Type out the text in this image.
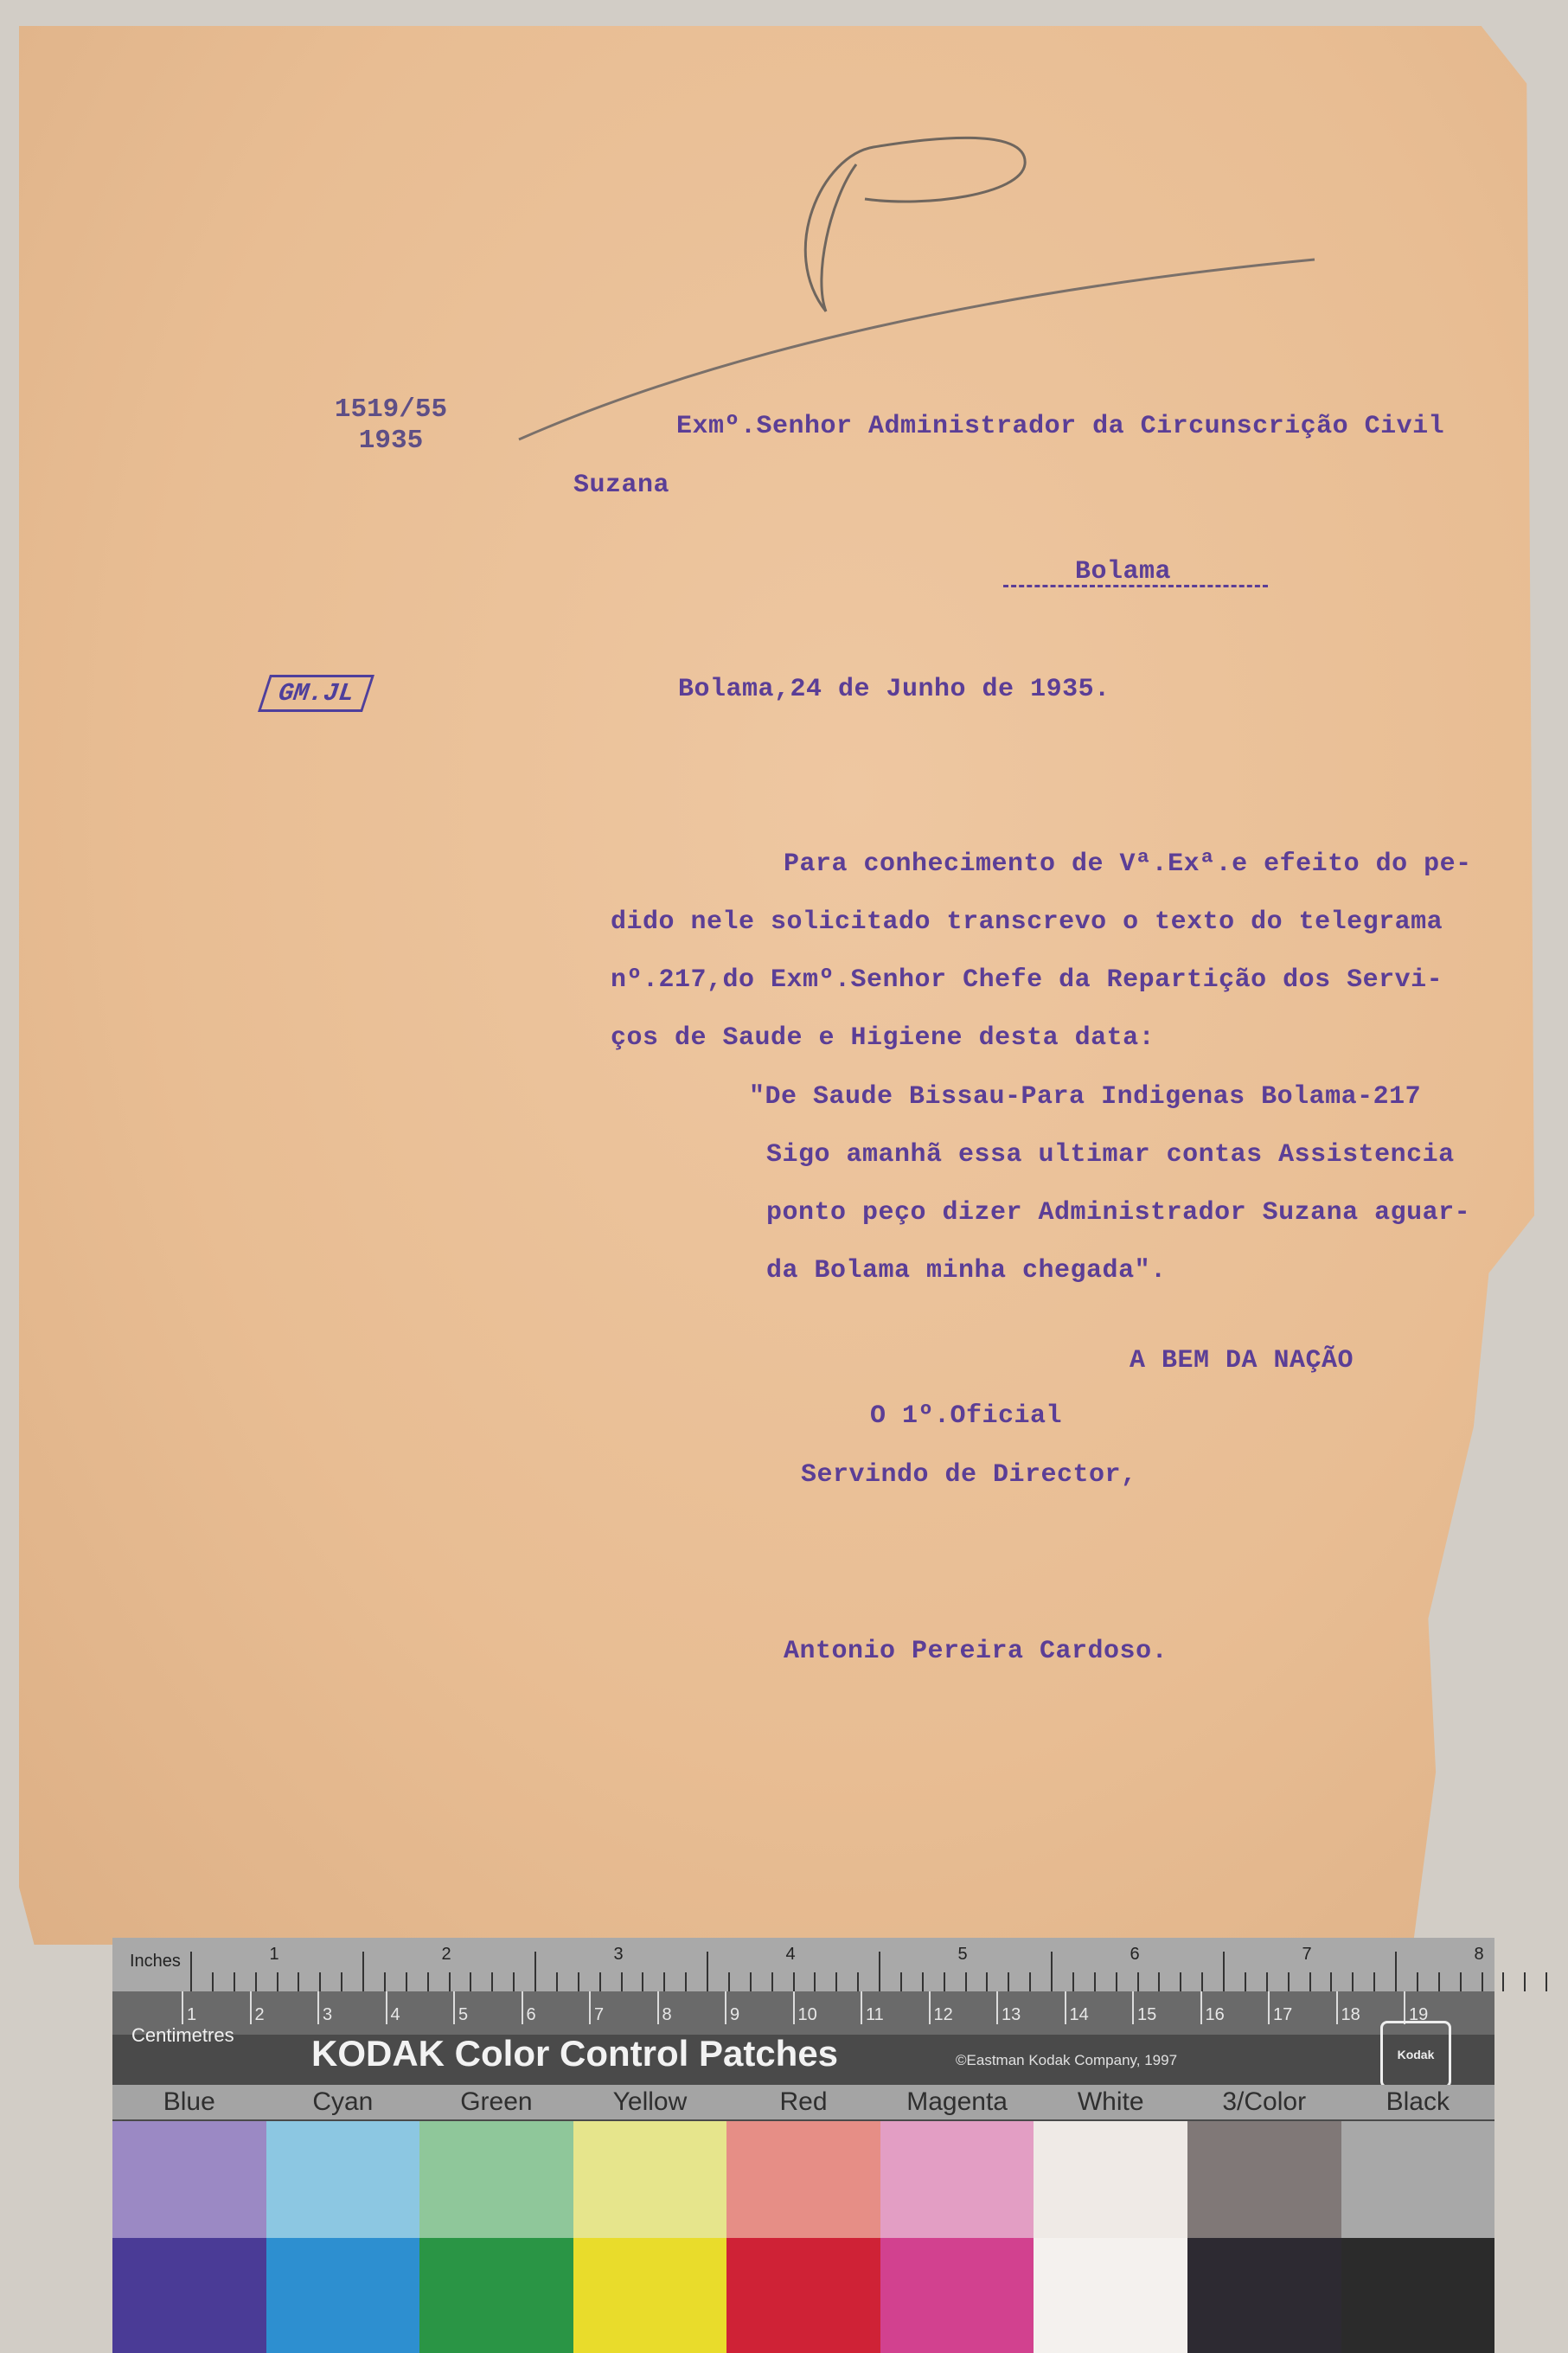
1519/55
1935	Exmº.Senhor Administrador da Circunscrição Civil
Suzana
Bolama
GM.JL	Bolama,24 de Junho de 1935.
Para conhecimento de Vª.Exª.e efeito do pe-
dido nele solicitado transcrevo o texto do telegrama
nº.217,do Exmº.Senhor Chefe da Repartição dos Servi-
ços de Saude e Higiene desta data:
"De Saude Bissau-Para Indigenas Bolama-217
Sigo amanhã essa ultimar contas Assistencia
ponto peço dizer Administrador Suzana aguar-
da Bolama minha chegada".
A BEM DA NAÇÃO
O 1º.Oficial
Servindo de Director,
Antonio Pereira Cardoso.
Inches	1	2	3	4	5	6	7	8
1	2	3	4	5	6	7	8	9	10	11	12	13	14	15	16	17	18	19
Centimetres KODAK Color Control Patches	©Eastman Kodak Company, 1997	Kodak
Blue	Cyan	Green	Yellow	Red	Magenta	White	3/Color	Black
